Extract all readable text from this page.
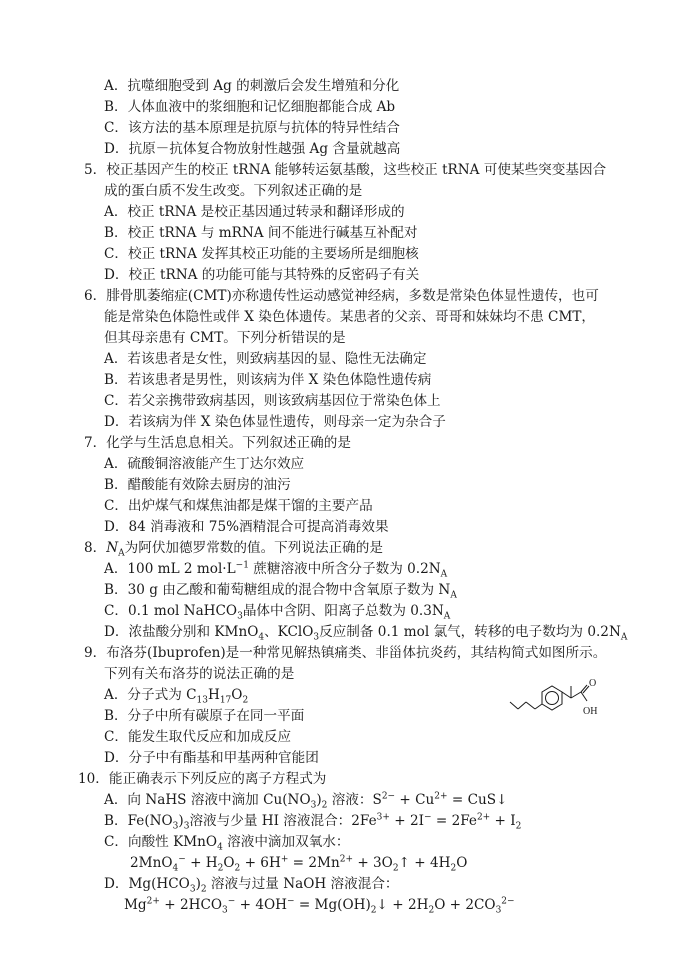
A．抗噬细胞受到 Ag 的刺激后会发生增殖和分化
B．人体血液中的浆细胞和记忆细胞都能合成 Ab
C．该方法的基本原理是抗原与抗体的特异性结合
D．抗原－抗体复合物放射性越强 Ag 含量就越高
5．校正基因产生的校正 tRNA 能够转运氨基酸，这些校正 tRNA 可使某些突变基因合
成的蛋白质不发生改变。下列叙述正确的是
A．校正 tRNA 是校正基因通过转录和翻译形成的
B．校正 tRNA 与 mRNA 间不能进行碱基互补配对
C．校正 tRNA 发挥其校正功能的主要场所是细胞核
D．校正 tRNA 的功能可能与其特殊的反密码子有关
6．腓骨肌萎缩症(CMT)亦称遗传性运动感觉神经病，多数是常染色体显性遗传，也可
能是常染色体隐性或伴 X 染色体遗传。某患者的父亲、哥哥和妹妹均不患 CMT，
但其母亲患有 CMT。下列分析错误的是
A．若该患者是女性，则致病基因的显、隐性无法确定
B．若该患者是男性，则该病为伴 X 染色体隐性遗传病
C．若父亲携带致病基因，则该致病基因位于常染色体上
D．若该病为伴 X 染色体显性遗传，则母亲一定为杂合子
7．化学与生活息息相关。下列叙述正确的是
A．硫酸铜溶液能产生丁达尔效应
B．醋酸能有效除去厨房的油污
C．出炉煤气和煤焦油都是煤干馏的主要产品
D．84 消毒液和 75%酒精混合可提高消毒效果
8．$N_A$为阿伏加德罗常数的值。下列说法正确的是
A．100 mL 2 $mol\cdot L^{-1}$ 蔗糖溶液中所含分子数为 $0.2N_A$
B．30 g 由乙酸和葡萄糖组成的混合物中含氧原子数为 $N_A$
C．0.1 mol NaHCO$_3$晶体中含阴、阳离子总数为 $0.3N_A$
D．浓盐酸分别和 KMnO$_4$、KClO$_3$反应制备 0.1 mol 氯气，转移的电子数均为 $0.2N_A$
9．布洛芬(Ibuprofen)是一种常见解热镇痛类、非甾体抗炎药，其结构简式如图所示。
下列有关布洛芬的说法正确的是
A．分子式为 $C_{13}H_{17}O_2$
B．分子中所有碳原子在同一平面
C．能发生取代反应和加成反应
D．分子中有酯基和甲基两种官能团
O
OH
10．能正确表示下列反应的离子方程式为
A．向 NaHS 溶液中滴加 $Cu(NO_3)_2$ 溶液：$S^{2-} + Cu^{2+}$ = CuS↓
B．$Fe(NO_3)_3$溶液与少量 HI 溶液混合：$2Fe^{3+} + 2I^- = 2Fe^{2+} + I_2$
C．向酸性 KMnO$_4$ 溶液中滴加双氧水：
$2MnO_4^- + H_2O_2 + 6H^+ = 2Mn^{2+}$ + $3O_2↑ + 4H_2O$
D．$Mg(HCO_3)_2$ 溶液与过量 NaOH 溶液混合：
$Mg^{2+} + 2HCO_3^- + 4OH^-$ = $Mg(OH)_2↓ + 2H_2O + 2CO_3^{2-}$
